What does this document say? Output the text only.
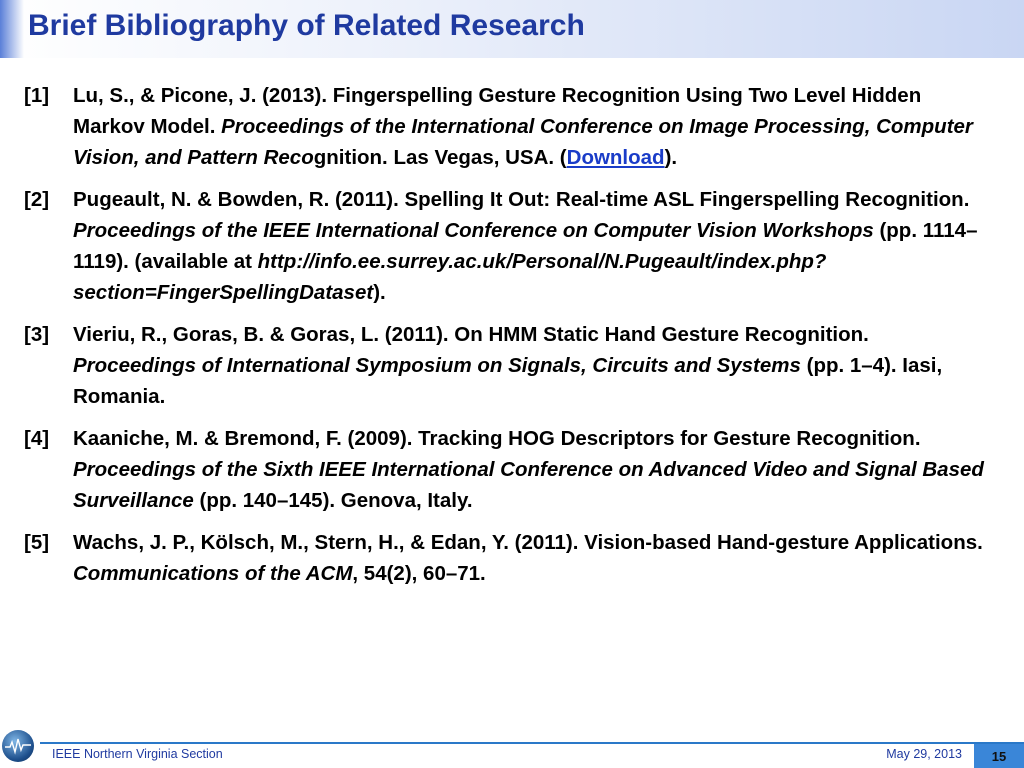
Brief Bibliography of Related Research
[1]	Lu, S., & Picone, J. (2013). Fingerspelling Gesture Recognition Using Two Level Hidden Markov Model. Proceedings of the International Conference on Image Processing, Computer Vision, and Pattern Recognition. Las Vegas, USA. (Download).
[2]	Pugeault, N. & Bowden, R. (2011). Spelling It Out: Real-time ASL Fingerspelling Recognition. Proceedings of the IEEE International Conference on Computer Vision Workshops (pp. 1114–1119). (available at http://info.ee.surrey.ac.uk/Personal/N.Pugeault/index.php?section=FingerSpellingDataset).
[3]	Vieriu, R., Goras, B. & Goras, L. (2011). On HMM Static Hand Gesture Recognition. Proceedings of International Symposium on Signals, Circuits and Systems (pp. 1–4). Iasi, Romania.
[4]	Kaaniche, M. & Bremond, F. (2009). Tracking HOG Descriptors for Gesture Recognition. Proceedings of the Sixth IEEE International Conference on Advanced Video and Signal Based Surveillance (pp. 140–145). Genova, Italy.
[5]	Wachs, J. P., Kölsch, M., Stern, H., & Edan, Y. (2011). Vision-based Hand-gesture Applications. Communications of the ACM, 54(2), 60–71.
IEEE Northern Virginia Section	May 29, 2013	15
